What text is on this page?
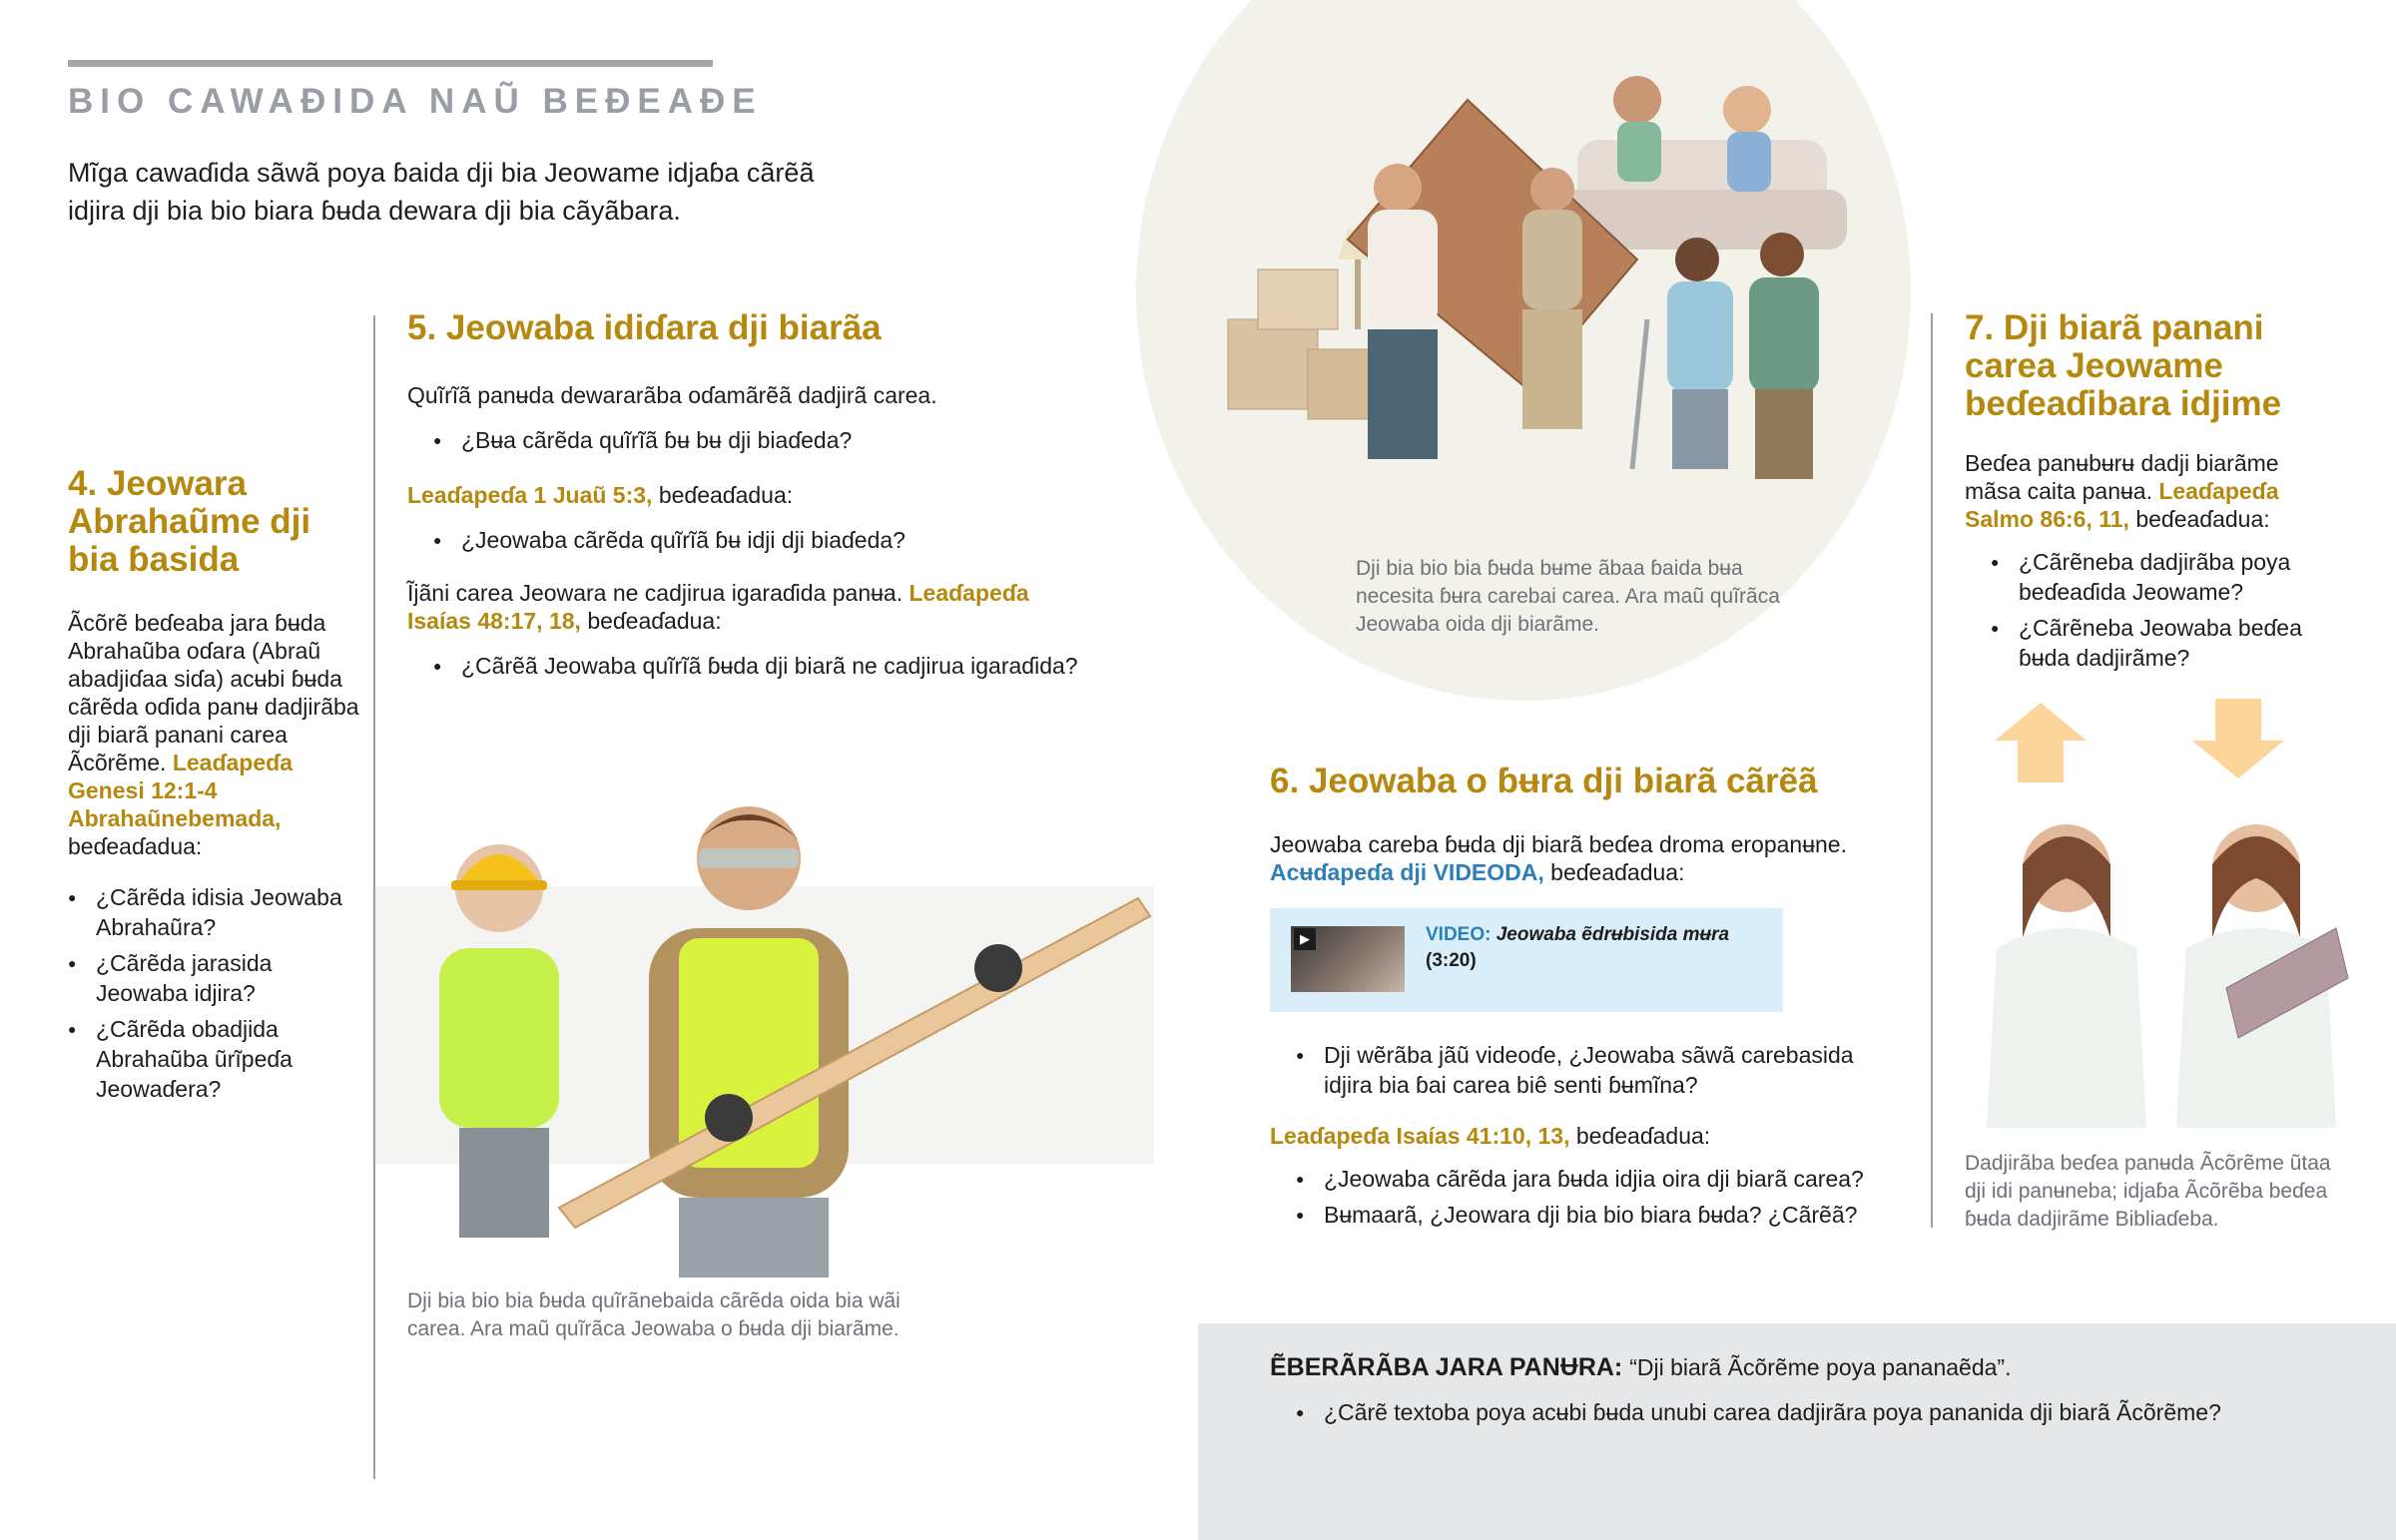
BIO CAWAƉIDA NAŨ BEƉEAƉE
Mĩga cawaɗida sãwã poya ɓaida dji bia Jeowame idjaɓa cãrẽã idjira dji bia bio biara ɓʉda dewara dji bia cãyãbara.
4. Jeowara Abrahaũme dji bia ɓasida
Ãcõrẽ beɗeaba jara ɓʉda Abrahaũba oɗara (Abraũ abadjiɗaa siɗa) acʉbi ɓʉda cãrẽda oɗida panʉ dadjirãba dji biarã panani carea Ãcõrẽme. Leaɗapeɗa Genesi 12:1-4 Abrahaũnebemada, beɗeaɗadua:
● ¿Cãrẽda idisia Jeowaba Abrahaũra?
● ¿Cãrẽda jarasida Jeowaba idjira?
● ¿Cãrẽda obadjida Abrahaũba ũrĩpeɗa Jeowaɗera?
5. Jeowaba idiɗara dji biarãa
Quĩrĩã panʉda dewararãba oɗamãrẽã dadjirã carea.
● ¿Bʉa cãrẽda quĩrĩã ɓʉ bʉ dji biaɗeda?
Leaɗapeɗa 1 Juaũ 5:3, beɗeaɗadua:
● ¿Jeowaba cãrẽda quĩrĩã ɓʉ idji dji biaɗeda?
Ĩjãni carea Jeowara ne cadjirua igaraɗida panʉa. Leaɗapeɗa Isaías 48:17, 18, beɗeaɗadua:
● ¿Cãrẽã Jeowaba quĩrĩã ɓʉda dji biarã ne cadjirua igaraɗida?
Dji bia bio bia ɓʉda quĩrãnebaida cãrẽda oida bia wãi carea. Ara maũ quĩrãca Jeowaba o ɓʉda dji biarãme.
Dji bia bio bia ɓʉda bʉme ãbaa ɓaida bʉa necesita ɓʉra carebai carea. Ara maũ quĩrãca Jeowaba oida dji biarãme.
6. Jeowaba o ɓʉra dji biarã cãrẽã
Jeowaba careba ɓʉda dji biarã beɗea droma eropanʉne.
Acʉɗapeɗa dji VIDEODA, beɗeaɗadua:
▶	VIDEO: Jeowaba ẽdrʉbisida mʉra
(3:20)
● Dji wẽrãba jãũ videoɗe, ¿Jeowaba sãwã carebasida idjira bia ɓai carea biê senti ɓʉmĩna?
Leaɗapeɗa Isaías 41:10, 13, beɗeaɗadua:
● ¿Jeowaba cãrẽda jara ɓʉda idjia oira dji biarã carea?
● Bʉmaarã, ¿Jeowara dji bia bio biara ɓʉda? ¿Cãrẽã?
7. Dji biarã panani carea Jeowame beɗeaɗibara idjime
Beɗea panʉbʉrʉ dadji biarãme mãsa caita panʉa. Leaɗapeɗa Salmo 86:6, 11, beɗeaɗadua:
● ¿Cãrẽneba dadjirãba poya beɗeaɗida Jeowame?
● ¿Cãrẽneba Jeowaba beɗea ɓʉda dadjirãme?
Dadjirãba beɗea panʉda Ãcõrẽme ũtaa dji idi panʉneba; idjaɓa Ãcõrẽba beɗea ɓʉda dadjirãme Bibliaɗeba.
ẼBERÃRÃBA JARA PANɄRA: “Dji biarã Ãcõrẽme poya pananaẽda”.
● ¿Cãrẽ textoba poya acʉbi ɓʉda unubi carea dadjirãra poya pananida dji biarã Ãcõrẽme?
